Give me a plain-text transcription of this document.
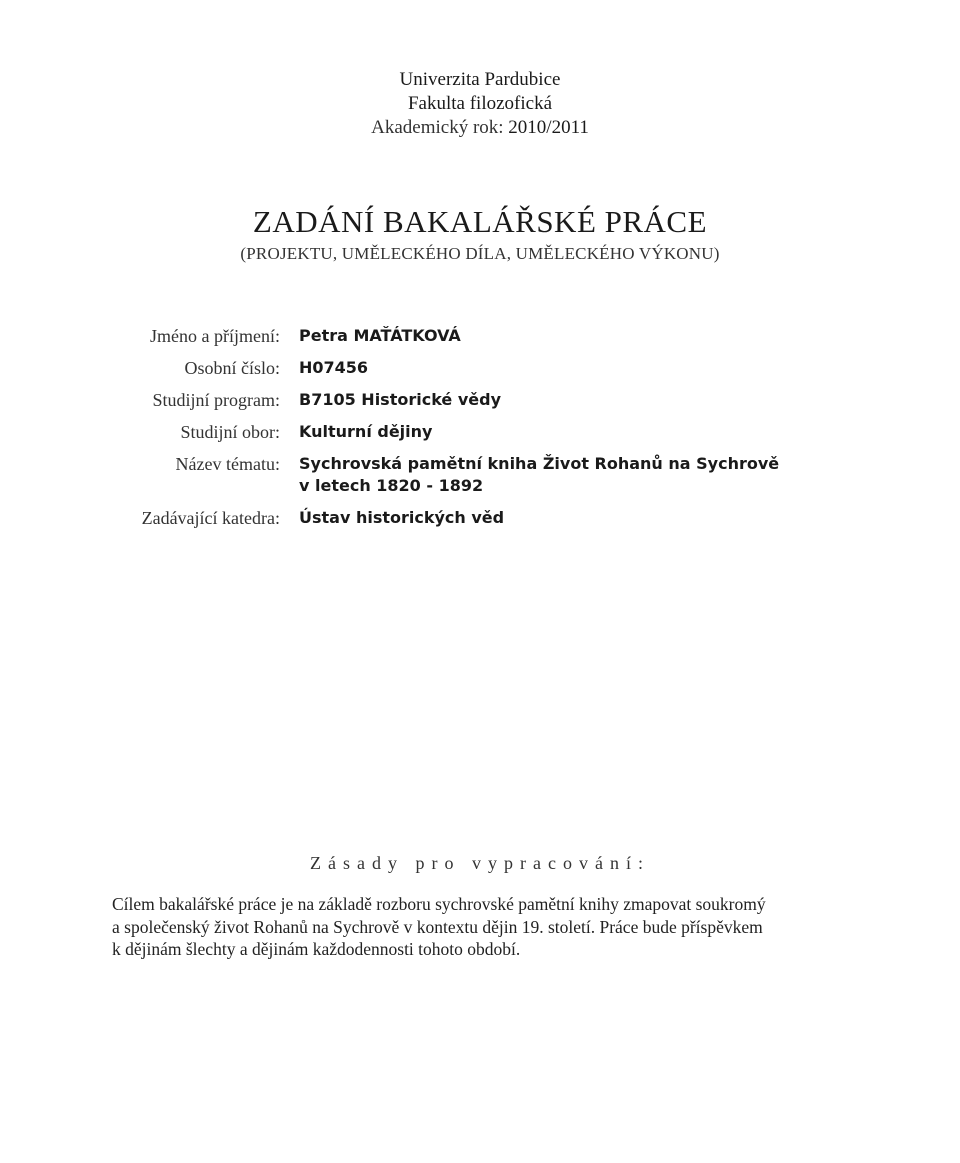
Univerzita Pardubice
Fakulta filozofická
Akademický rok: 2010/2011
ZADÁNÍ BAKALÁŘSKÉ PRÁCE
(PROJEKTU, UMĚLECKÉHO DÍLA, UMĚLECKÉHO VÝKONU)
Jméno a příjmení: Petra MAŤÁTKOVÁ
Osobní číslo: H07456
Studijní program: B7105 Historické vědy
Studijní obor: Kulturní dějiny
Název tématu: Sychrovská pamětní kniha Život Rohanů na Sychrově
v letech 1820 - 1892
Zadávající katedra: Ústav historických věd
Zásady pro vypracování:
Cílem bakalářské práce je na základě rozboru sychrovské pamětní knihy zmapovat soukromý
a společenský život Rohanů na Sychrově v kontextu dějin 19. století. Práce bude příspěvkem
k dějinám šlechty a dějinám každodennosti tohoto období.
